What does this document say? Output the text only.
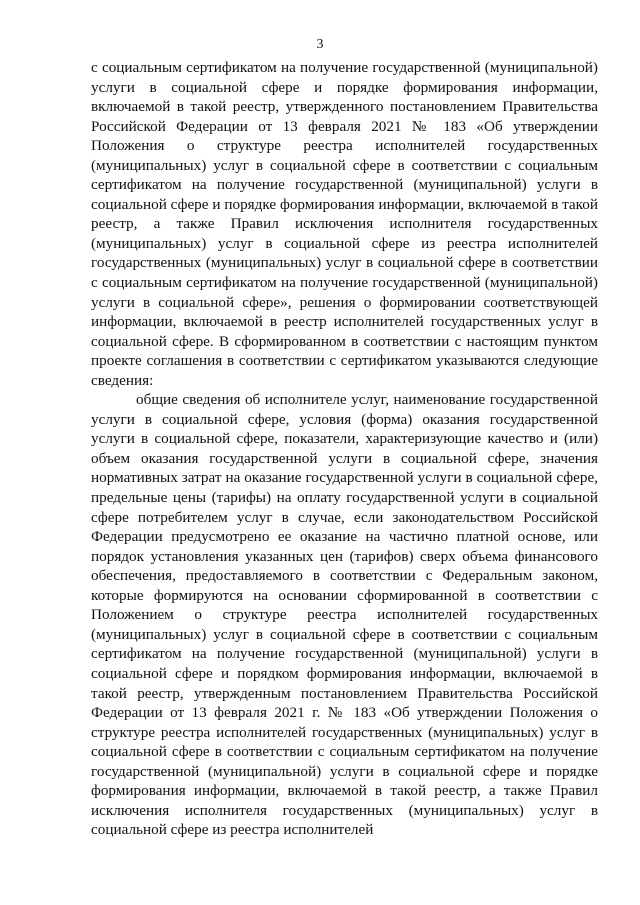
3

с социальным сертификатом на получение государственной (муниципальной) услуги в социальной сфере и порядке формирования информации, включаемой в такой реестр, утвержденного постановлением Правительства Российской Федерации от 13 февраля 2021 № 183 «Об утверждении Положения о структуре реестра исполнителей государственных (муниципальных) услуг в социальной сфере в соответствии с социальным сертификатом на получение государственной (муниципальной) услуги в социальной сфере и порядке формирования информации, включаемой в такой реестр, а также Правил исключения исполнителя государственных (муниципальных) услуг в социальной сфере из реестра исполнителей государственных (муниципальных) услуг в социальной сфере в соответствии с социальным сертификатом на получение государственной (муниципальной) услуги в социальной сфере», решения о формировании соответствующей информации, включаемой в реестр исполнителей государственных услуг в социальной сфере. В сформированном в соответствии с настоящим пунктом проекте соглашения в соответствии с сертификатом указываются следующие сведения:

общие сведения об исполнителе услуг, наименование государственной услуги в социальной сфере, условия (форма) оказания государственной услуги в социальной сфере, показатели, характеризующие качество и (или) объем оказания государственной услуги в социальной сфере, значения нормативных затрат на оказание государственной услуги в социальной сфере, предельные цены (тарифы) на оплату государственной услуги в социальной сфере потребителем услуг в случае, если законодательством Российской Федерации предусмотрено ее оказание на частично платной основе, или порядок установления указанных цен (тарифов) сверх объема финансового обеспечения, предоставляемого в соответствии с Федеральным законом, которые формируются на основании сформированной в соответствии с Положением о структуре реестра исполнителей государственных (муниципальных) услуг в социальной сфере в соответствии с социальным сертификатом на получение государственной (муниципальной) услуги в социальной сфере и порядком формирования информации, включаемой в такой реестр, утвержденным постановлением Правительства Российской Федерации от 13 февраля 2021 г. № 183 «Об утверждении Положения о структуре реестра исполнителей государственных (муниципальных) услуг в социальной сфере в соответствии с социальным сертификатом на получение государственной (муниципальной) услуги в социальной сфере и порядке формирования информации, включаемой в такой реестр, а также Правил исключения исполнителя государственных (муниципальных) услуг в социальной сфере из реестра исполнителей
